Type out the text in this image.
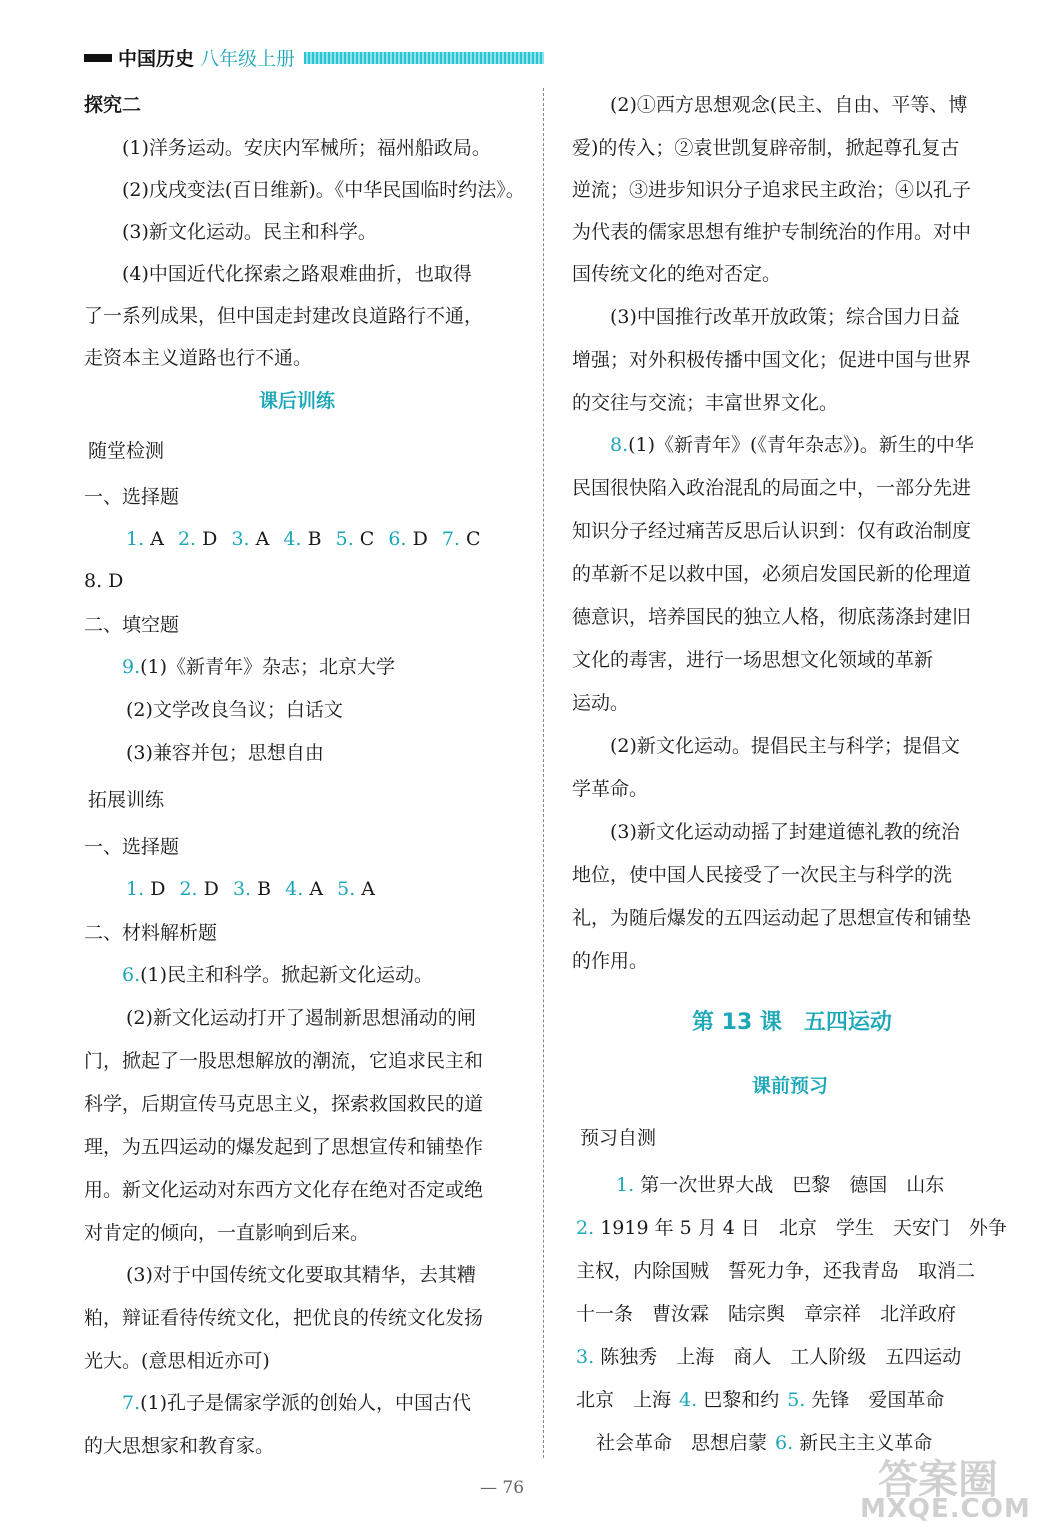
中国历史 八年级上册
探究二
(1)洋务运动。安庆内军械所；福州船政局。
(2)戊戌变法(百日维新)。《中华民国临时约法》。
(3)新文化运动。民主和科学。
(4)中国近代化探索之路艰难曲折，也取得
了一系列成果，但中国走封建改良道路行不通，
走资本主义道路也行不通。
课后训练
随堂检测
一、选择题
1. A 2. D 3. A 4. B 5. C 6. D 7. C
8. D
二、填空题
9.(1)《新青年》杂志；北京大学
(2)文学改良刍议；白话文
(3)兼容并包；思想自由
拓展训练
一、选择题
1. D 2. D 3. B 4. A 5. A
二、材料解析题
6.(1)民主和科学。掀起新文化运动。
(2)新文化运动打开了遏制新思想涌动的闸
门，掀起了一股思想解放的潮流，它追求民主和
科学，后期宣传马克思主义，探索救国救民的道
理，为五四运动的爆发起到了思想宣传和铺垫作
用。新文化运动对东西方文化存在绝对否定或绝
对肯定的倾向，一直影响到后来。
(3)对于中国传统文化要取其精华，去其糟
粕，辩证看待传统文化，把优良的传统文化发扬
光大。(意思相近亦可)
7.(1)孔子是儒家学派的创始人，中国古代
的大思想家和教育家。
(2)①西方思想观念(民主、自由、平等、博
爱)的传入；②袁世凯复辟帝制，掀起尊孔复古
逆流；③进步知识分子追求民主政治；④以孔子
为代表的儒家思想有维护专制统治的作用。对中
国传统文化的绝对否定。
(3)中国推行改革开放政策；综合国力日益
增强；对外积极传播中国文化；促进中国与世界
的交往与交流；丰富世界文化。
8.(1)《新青年》(《青年杂志》)。新生的中华
民国很快陷入政治混乱的局面之中，一部分先进
知识分子经过痛苦反思后认识到：仅有政治制度
的革新不足以救中国，必须启发国民新的伦理道
德意识，培养国民的独立人格，彻底荡涤封建旧
文化的毒害，进行一场思想文化领域的革新
运动。
(2)新文化运动。提倡民主与科学；提倡文
学革命。
(3)新文化运动动摇了封建道德礼教的统治
地位，使中国人民接受了一次民主与科学的洗
礼，为随后爆发的五四运动起了思想宣传和铺垫
的作用。
第 13 课　五四运动
课前预习
预习自测
1. 第一次世界大战　巴黎　德国　山东
2. 1919 年 5 月 4 日　北京　学生　天安门　外争
主权，内除国贼　誓死力争，还我青岛　取消二
十一条　曹汝霖　陆宗舆　章宗祥　北洋政府
3. 陈独秀　上海　商人　工人阶级　五四运动
北京　上海 4. 巴黎和约 5. 先锋　爱国革命
社会革命　思想启蒙 6. 新民主主义革命
— 76	答案圈
MXQE.COM
